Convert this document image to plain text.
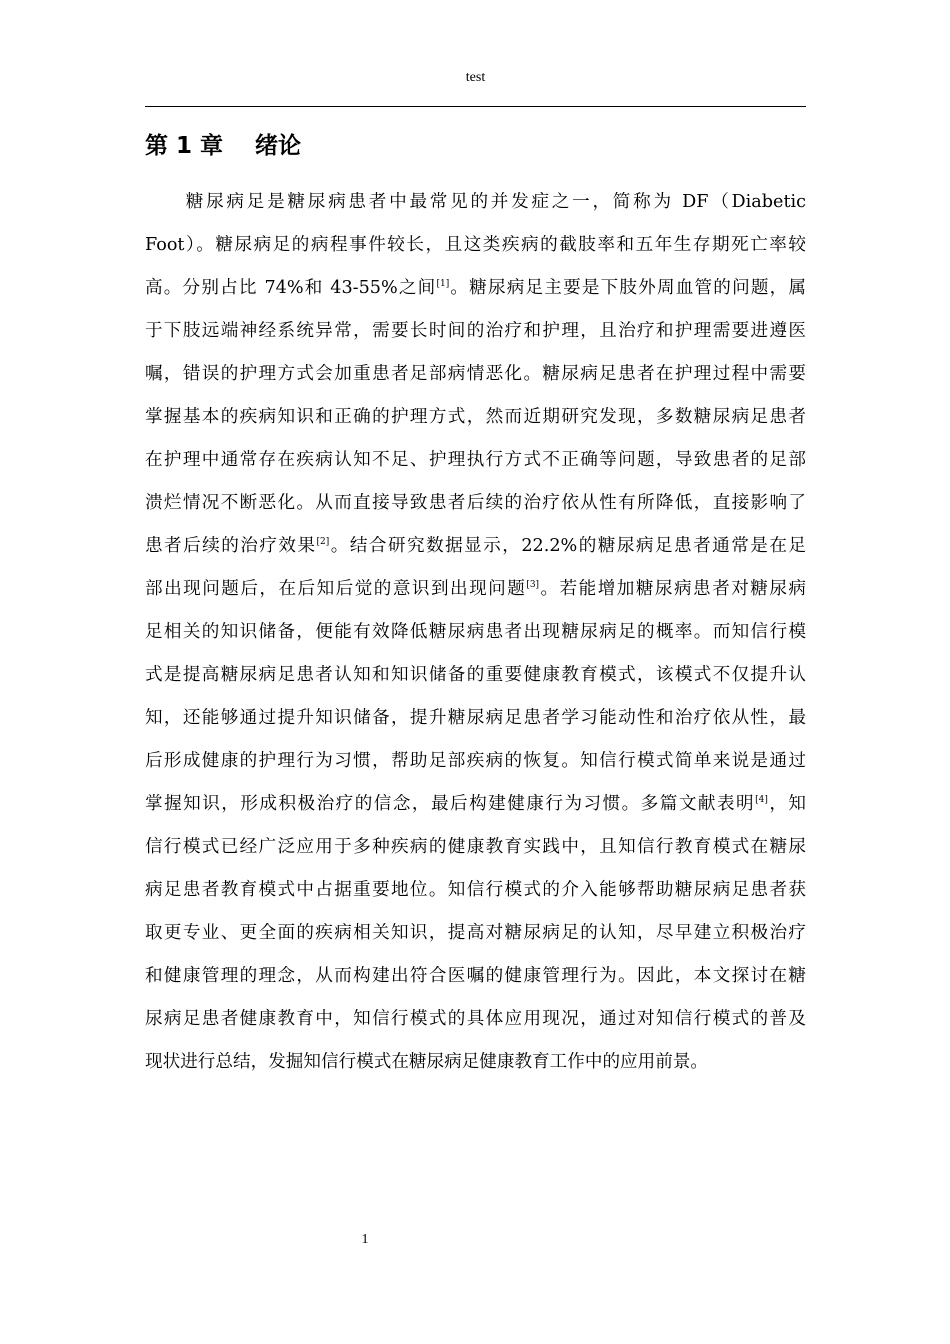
test
第 1 章    绪论
糖尿病足是糖尿病患者中最常见的并发症之一，简称为 DF（Diabetic
Foot）。糖尿病足的病程事件较长，且这类疾病的截肢率和五年生存期死亡率较
高。分别占比 74%和 43-55%之间[1]。糖尿病足主要是下肢外周血管的问题，属
于下肢远端神经系统异常，需要长时间的治疗和护理，且治疗和护理需要进遵医
嘱，错误的护理方式会加重患者足部病情恶化。糖尿病足患者在护理过程中需要
掌握基本的疾病知识和正确的护理方式，然而近期研究发现，多数糖尿病足患者
在护理中通常存在疾病认知不足、护理执行方式不正确等问题，导致患者的足部
溃烂情况不断恶化。从而直接导致患者后续的治疗依从性有所降低，直接影响了
患者后续的治疗效果[2]。结合研究数据显示，22.2%的糖尿病足患者通常是在足
部出现问题后，在后知后觉的意识到出现问题[3]。若能增加糖尿病患者对糖尿病
足相关的知识储备，便能有效降低糖尿病患者出现糖尿病足的概率。而知信行模
式是提高糖尿病足患者认知和知识储备的重要健康教育模式，该模式不仅提升认
知，还能够通过提升知识储备，提升糖尿病足患者学习能动性和治疗依从性，最
后形成健康的护理行为习惯，帮助足部疾病的恢复。知信行模式简单来说是通过
掌握知识，形成积极治疗的信念，最后构建健康行为习惯。多篇文献表明[4]，知
信行模式已经广泛应用于多种疾病的健康教育实践中，且知信行教育模式在糖尿
病足患者教育模式中占据重要地位。知信行模式的介入能够帮助糖尿病足患者获
取更专业、更全面的疾病相关知识，提高对糖尿病足的认知，尽早建立积极治疗
和健康管理的理念，从而构建出符合医嘱的健康管理行为。因此，本文探讨在糖
尿病足患者健康教育中，知信行模式的具体应用现况，通过对知信行模式的普及
现状进行总结，发掘知信行模式在糖尿病足健康教育工作中的应用前景。
1
